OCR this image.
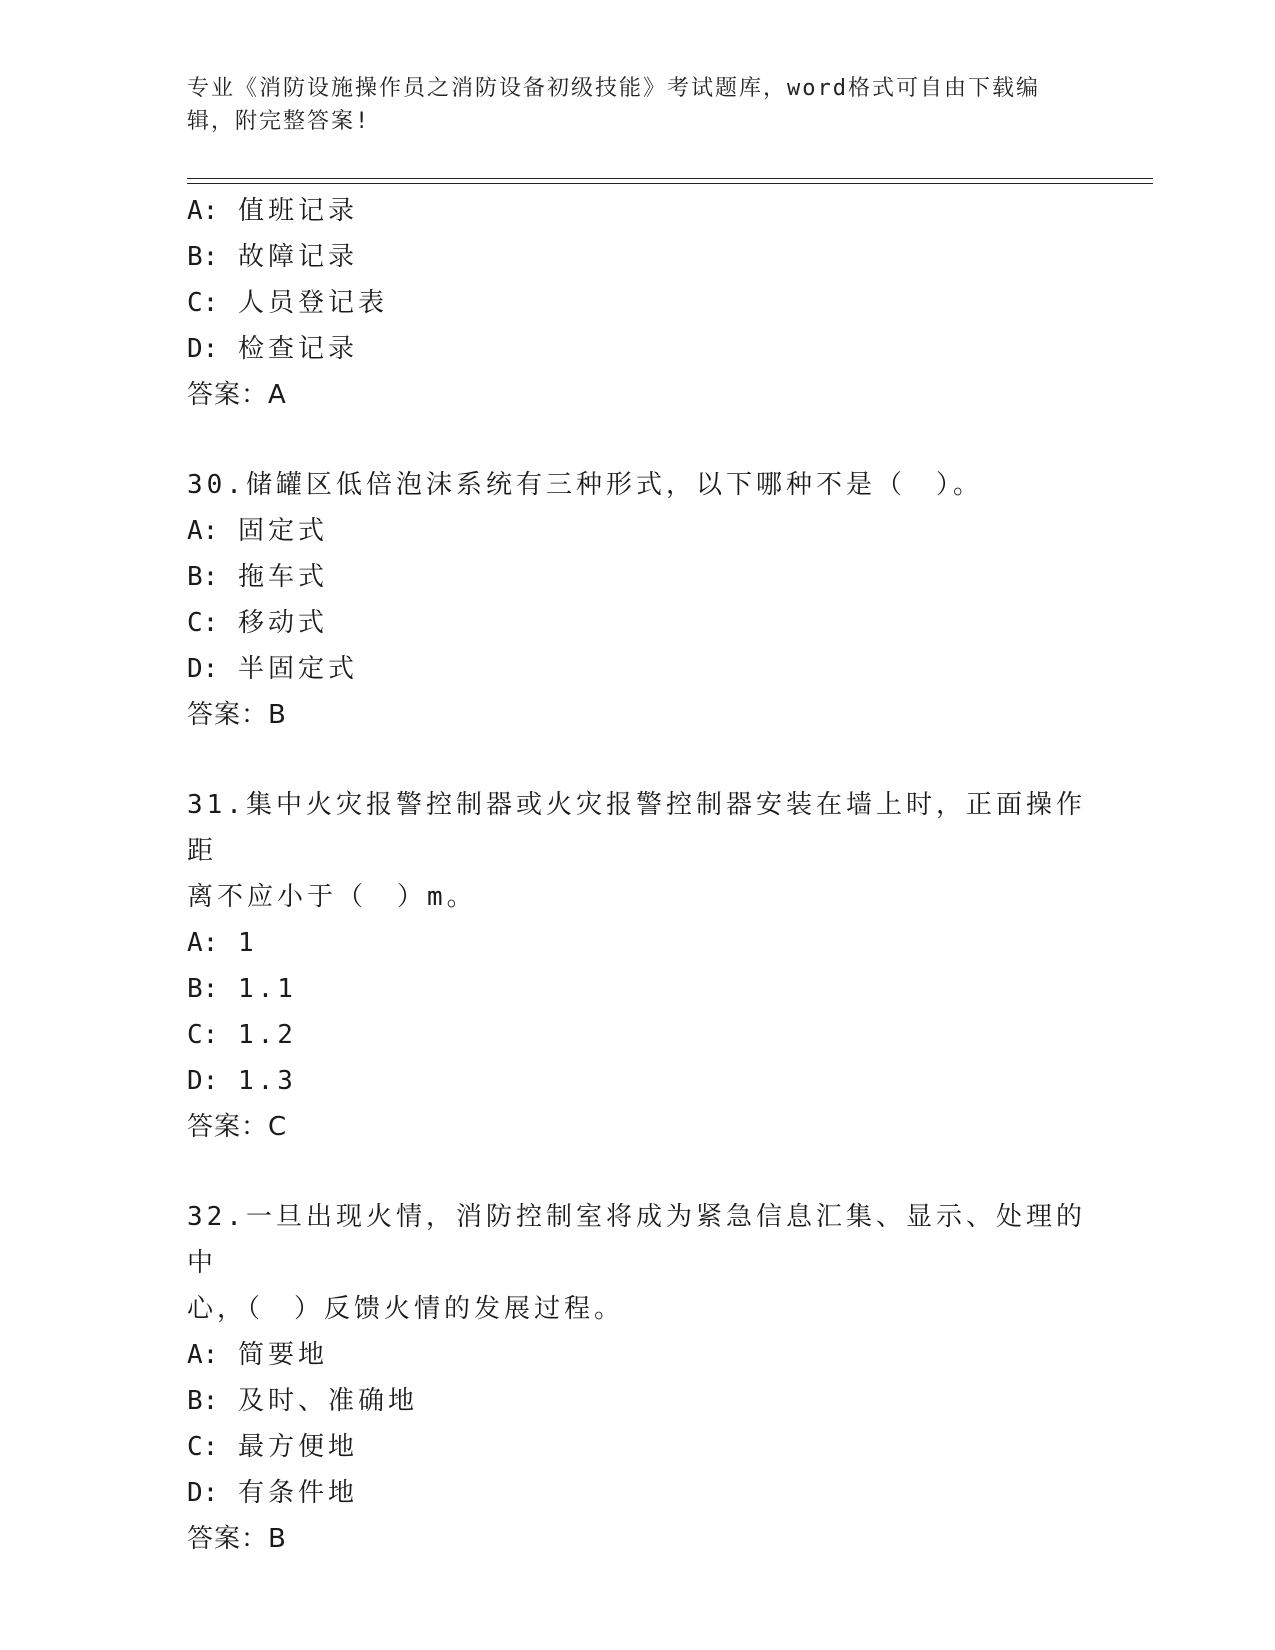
专业《消防设施操作员之消防设备初级技能》考试题库，word格式可自由下载编辑，附完整答案!
A: 值班记录
B: 故障记录
C: 人员登记表
D: 检查记录
答案：A
30.储罐区低倍泡沫系统有三种形式，以下哪种不是（　）。
A: 固定式
B: 拖车式
C: 移动式
D: 半固定式
答案：B
31.集中火灾报警控制器或火灾报警控制器安装在墙上时，正面操作距
离不应小于（　）m。
A: 1
B: 1.1
C: 1.2
D: 1.3
答案：C
32.一旦出现火情，消防控制室将成为紧急信息汇集、显示、处理的中
心，（　）反馈火情的发展过程。
A: 简要地
B: 及时、准确地
C: 最方便地
D: 有条件地
答案：B
